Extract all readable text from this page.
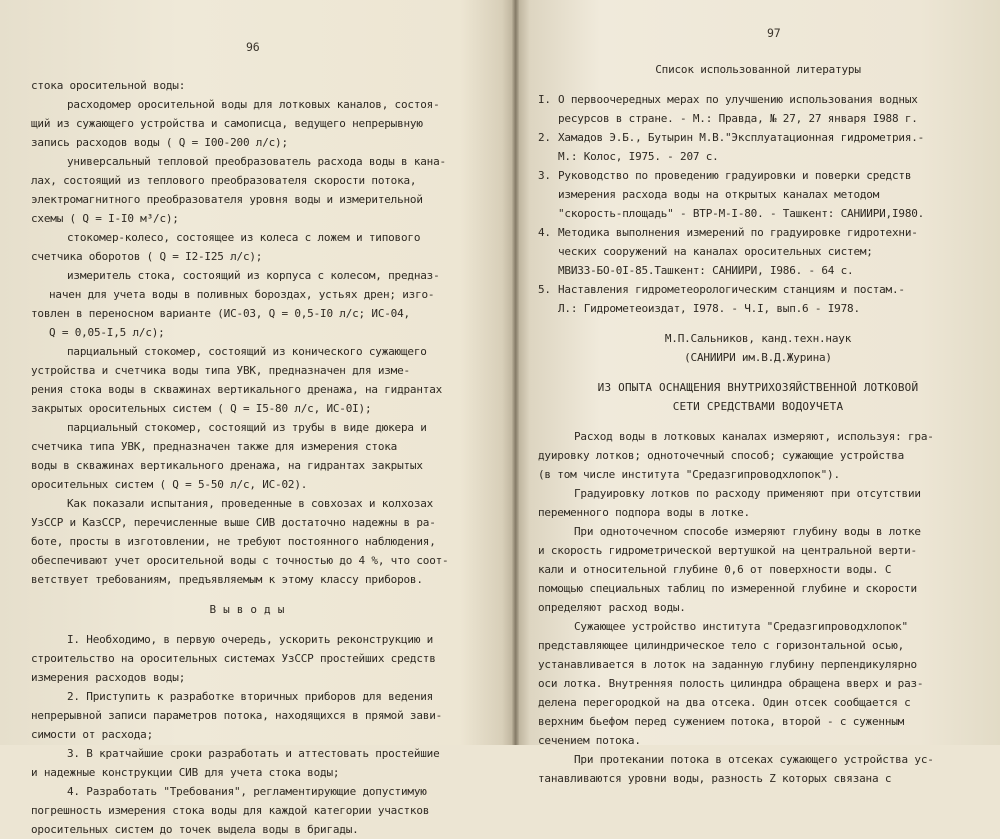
96
стока оросительной воды:
расходомер оросительной воды для лотковых каналов, состоя-
щий из сужающего устройства и самописца, ведущего непрерывную
запись расходов воды ( Q = I00-200 л/с);
универсальный тепловой преобразователь расхода воды в кана-
лах, состоящий из теплового преобразователя скорости потока,
электромагнитного преобразователя уровня воды и измерительной
схемы ( Q = I-I0 м³/с);
стокомер-колесо, состоящее из колеса с ложем и типового
счетчика оборотов ( Q = I2-I25 л/с);
измеритель стока, состоящий из корпуса с колесом, предназ-
начен для учета воды в поливных бороздах, устьях дрен; изго-
товлен в переносном варианте (ИС-03, Q = 0,5-I0 л/с; ИС-04,
Q = 0,05-I,5 л/с);
парциальный стокомер, состоящий из конического сужающего
устройства и счетчика воды типа УВК, предназначен для изме-
рения стока воды в скважинах вертикального дренажа, на гидрантах
закрытых оросительных систем ( Q = I5-80 л/с, ИС-0I);
парциальный стокомер, состоящий из трубы в виде дюкера и
счетчика типа УВК, предназначен также для измерения стока
воды в скважинах вертикального дренажа, на гидрантах закрытых
оросительных систем ( Q = 5-50 л/с, ИС-02).
Как показали испытания, проведенные в совхозах и колхозах
УзССР и КазССР, перечисленные выше СИВ достаточно надежны в ра-
боте, просты в изготовлении, не требуют постоянного наблюдения,
обеспечивают учет оросительной воды с точностью до 4 %, что соот-
ветствует требованиям, предъявляемым к этому классу приборов.
В ы в о д ы
I. Необходимо, в первую очередь, ускорить реконструкцию и
строительство на оросительных системах УзССР простейших средств
измерения расходов воды;
2. Приступить к разработке вторичных приборов для ведения
непрерывной записи параметров потока, находящихся в прямой зави-
симости от расхода;
3. В кратчайшие сроки разработать и аттестовать простейшие
и надежные конструкции СИВ для учета стока воды;
4. Разработать "Требования", регламентирующие допустимую
погрешность измерения стока воды для каждой категории участков
оросительных систем до точек выдела воды в бригады.
97
Список использованной литературы
I. О первоочередных мерах по улучшению использования водных
ресурсов в стране. - М.: Правда, № 27, 27 января I988 г.
2. Хамадов Э.Б., Бутырин М.В."Эксплуатационная гидрометрия.-
М.: Колос, I975. - 207 с.
3. Руководство по проведению градуировки и поверки средств
измерения расхода воды на открытых каналах методом
"скорость-площадь" - ВТР-М-I-80. - Ташкент: САНИИРИ,I980.
4. Методика выполнения измерений по градуировке гидротехни-
ческих сооружений на каналах оросительных систем;
МВИЗЗ-БО-0I-85.Ташкент: САНИИРИ, I986. - 64 с.
5. Наставления гидрометеорологическим станциям и постам.-
Л.: Гидрометеоиздат, I978. - Ч.I, вып.6 - I978.
М.П.Сальников, канд.техн.наук
(САНИИРИ им.В.Д.Журина)
ИЗ ОПЫТА ОСНАЩЕНИЯ ВНУТРИХОЗЯЙСТВЕННОЙ ЛОТКОВОЙ
СЕТИ СРЕДСТВАМИ ВОДОУЧЕТА
Расход воды в лотковых каналах измеряют, используя: гра-
дуировку лотков; одноточечный способ; сужающие устройства
(в том числе института "Средазгипроводхлопок").
Градуировку лотков по расходу применяют при отсутствии
переменного подпора воды в лотке.
При одноточечном способе измеряют глубину воды в лотке
и скорость гидрометрической вертушкой на центральной верти-
кали и относительной глубине 0,6 от поверхности воды. С
помощью специальных таблиц по измеренной глубине и скорости
определяют расход воды.
Сужающее устройство института "Средазгипроводхлопок"
представляющее цилиндрическое тело с горизонтальной осью,
устанавливается в лоток на заданную глубину перпендикулярно
оси лотка. Внутренняя полость цилиндра обращена вверх и раз-
делена перегородкой на два отсека. Один отсек сообщается с
верхним бьефом перед сужением потока, второй - с суженным
сечением потока.
При протекании потока в отсеках сужающего устройства ус-
танавливаются уровни воды, разность Z которых связана с
